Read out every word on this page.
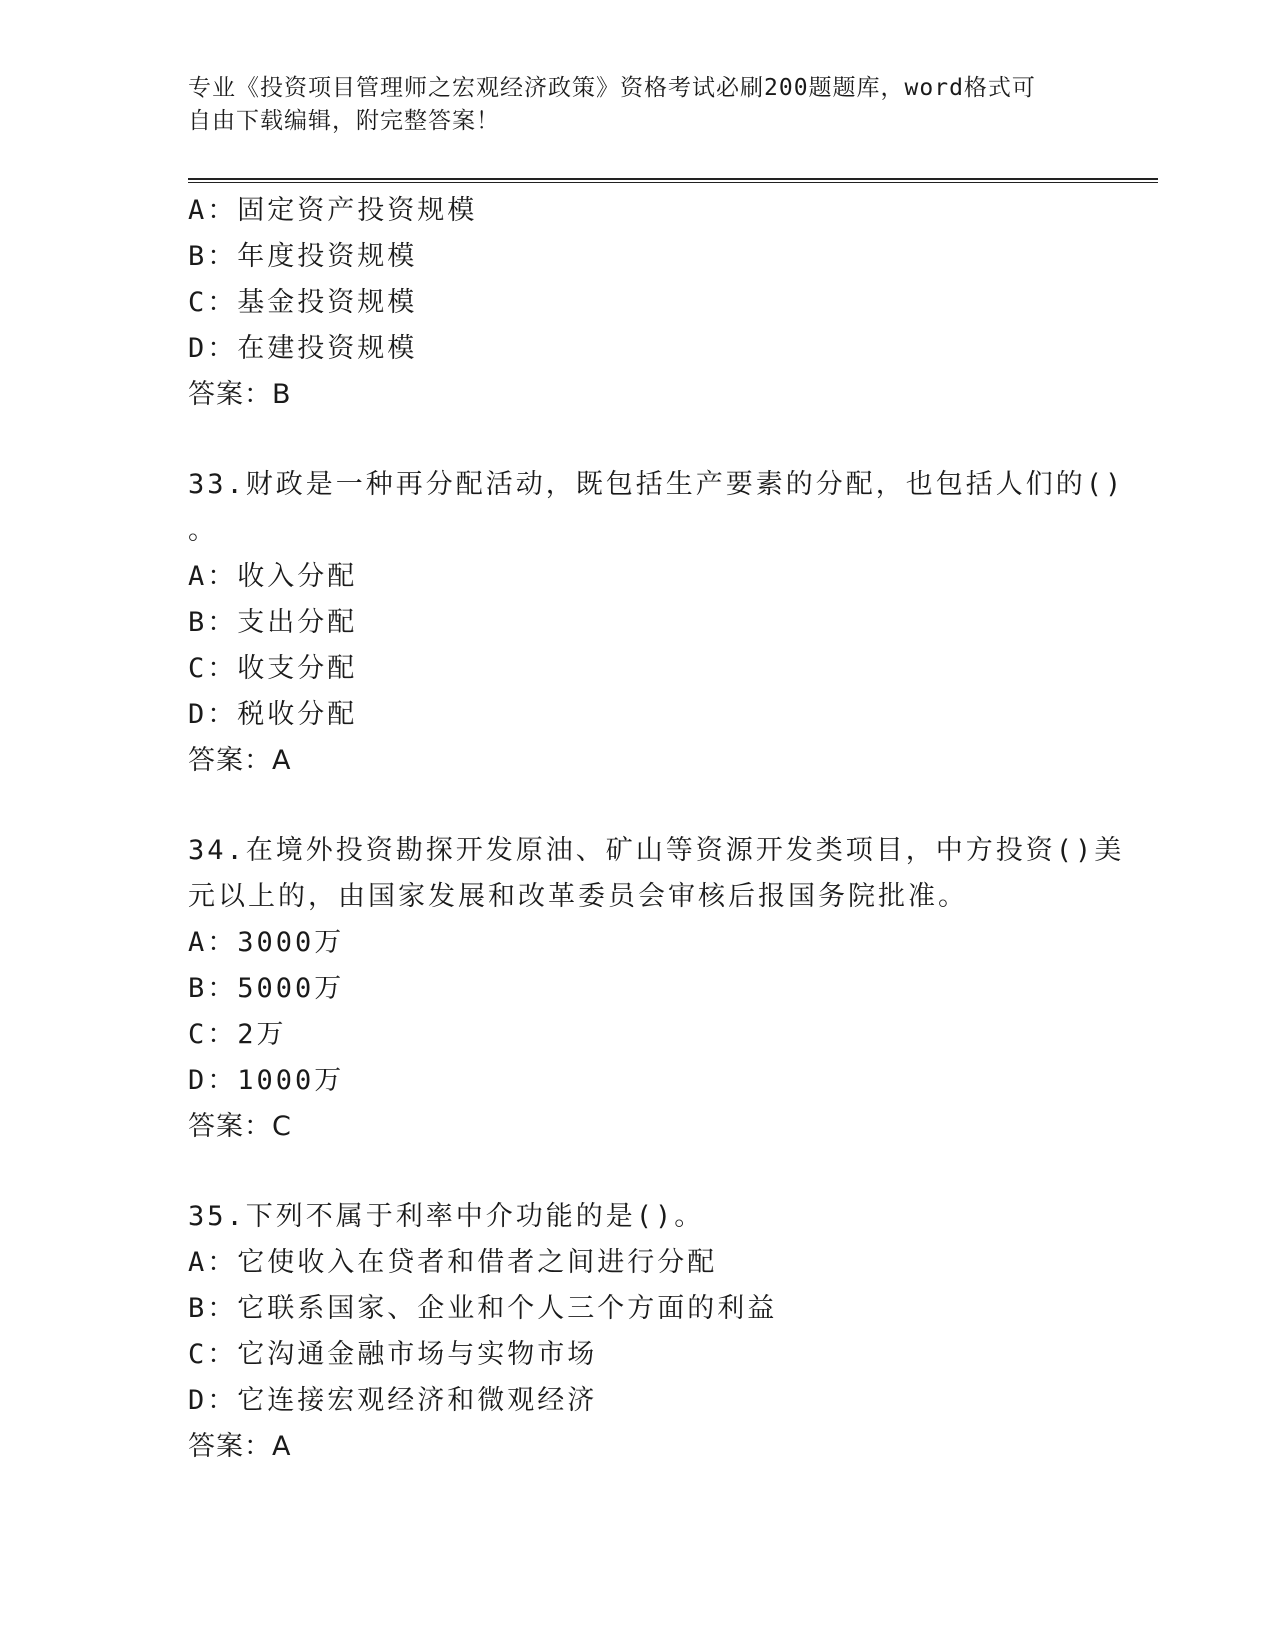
专业《投资项目管理师之宏观经济政策》资格考试必刷200题题库，word格式可
自由下载编辑，附完整答案！
A：固定资产投资规模
B：年度投资规模
C：基金投资规模
D：在建投资规模
答案：B
33.财政是一种再分配活动，既包括生产要素的分配，也包括人们的()
。
A：收入分配
B：支出分配
C：收支分配
D：税收分配
答案：A
34.在境外投资勘探开发原油、矿山等资源开发类项目，中方投资()美
元以上的，由国家发展和改革委员会审核后报国务院批准。
A：3000万
B：5000万
C：2万
D：1000万
答案：C
35.下列不属于利率中介功能的是()。
A：它使收入在贷者和借者之间进行分配
B：它联系国家、企业和个人三个方面的利益
C：它沟通金融市场与实物市场
D：它连接宏观经济和微观经济
答案：A
